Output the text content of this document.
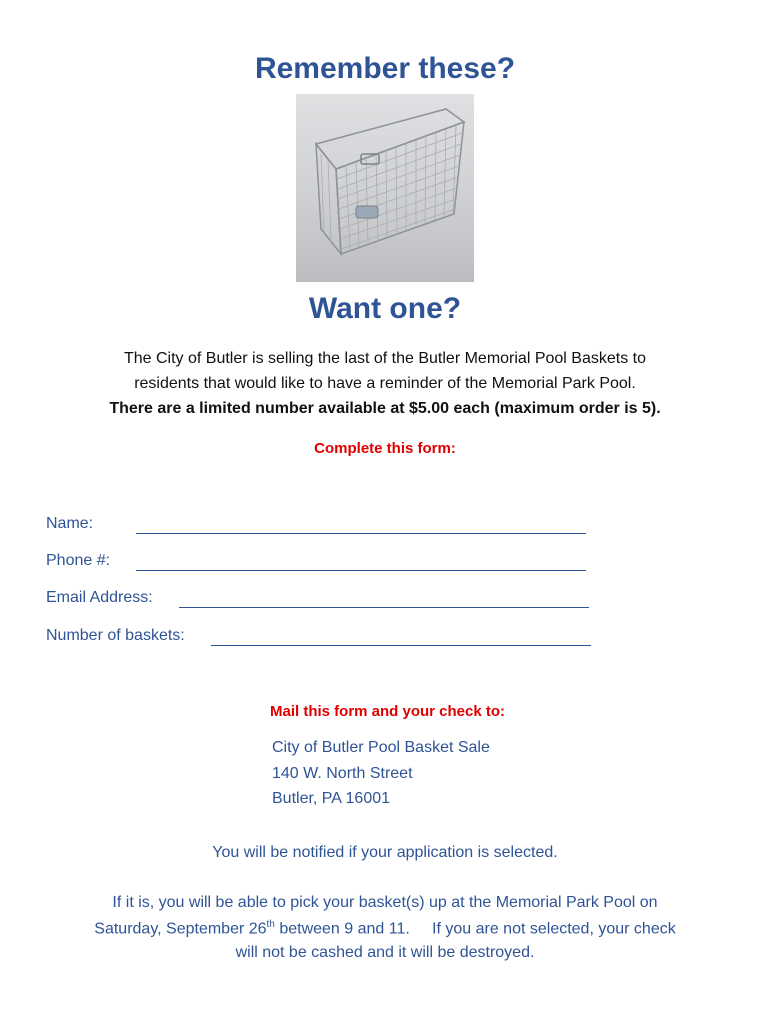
Remember these?
Want one?

The City of Butler is selling the last of the Butler Memorial Pool Baskets to

residents that would like to have a reminder of the Memorial Park Pool.

There are a limited number available at $5.00 each (maximum order is 5).

Complete this form:

Name:
Phone #:
Email Address:
Number of baskets:

Mail this form and your check to:

City of Butler Pool Basket Sale

140 W. North Street

Butler, PA 16001

You will be notified if your application is selected.

If it is, you will be able to pick your basket(s) up at the Memorial Park Pool on

Saturday, September 26th between 9 and 11.     If you are not selected, your check

will not be cashed and it will be destroyed.
